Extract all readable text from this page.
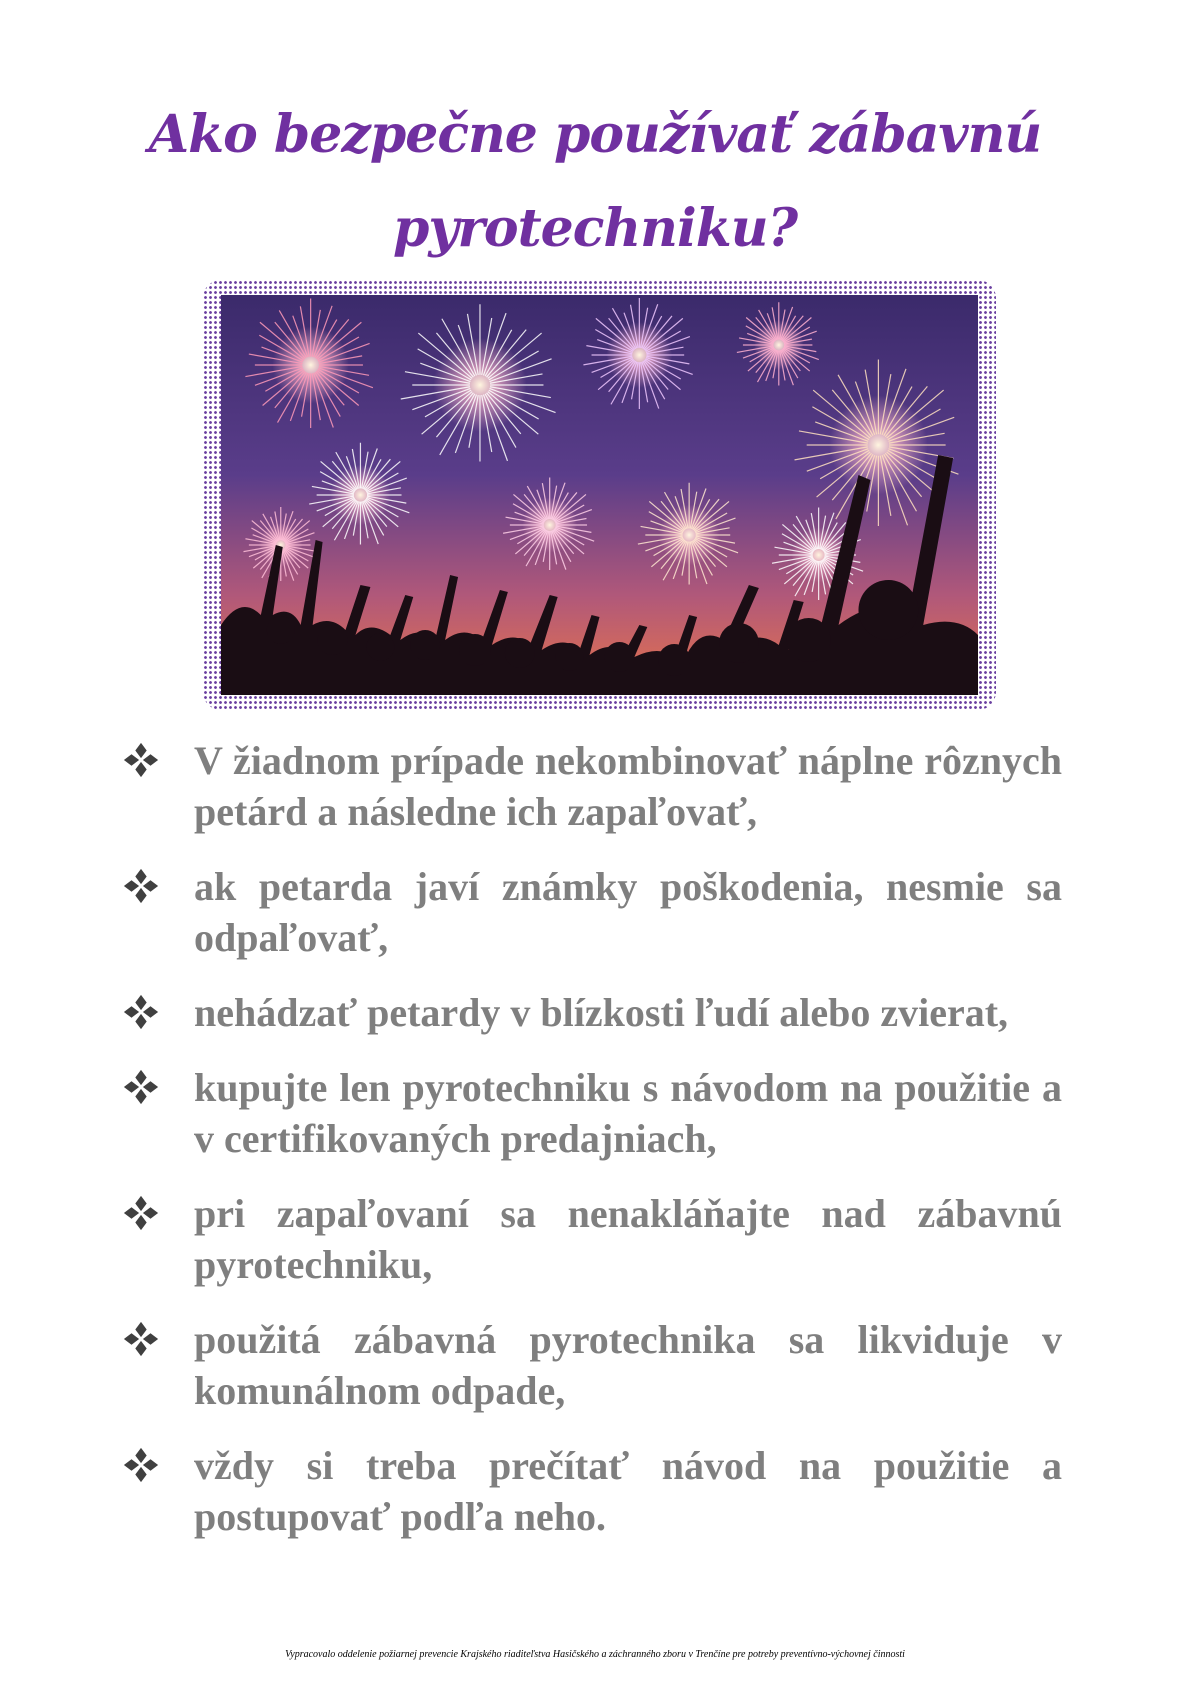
Ako bezpečne používať zábavnú
pyrotechniku?
V žiadnom prípade nekombinovať náplne rôznych petárd a následne ich zapaľovať,
ak petarda javí známky poškodenia, nesmie sa odpaľovať,
nehádzať petardy v blízkosti ľudí alebo zvierat,
kupujte len pyrotechniku s návodom na použitie a v certifikovaných predajniach,
pri zapaľovaní sa nenakláňajte nad zábavnú pyrotechniku,
použitá zábavná pyrotechnika sa likviduje v komunálnom odpade,
vždy si treba prečítať návod na použitie a postupovať podľa neho.
Vypracovalo oddelenie požiarnej prevencie Krajského riaditeľstva Hasičského a záchranného zboru v Trenčíne pre potreby preventívno-výchovnej činnosti
